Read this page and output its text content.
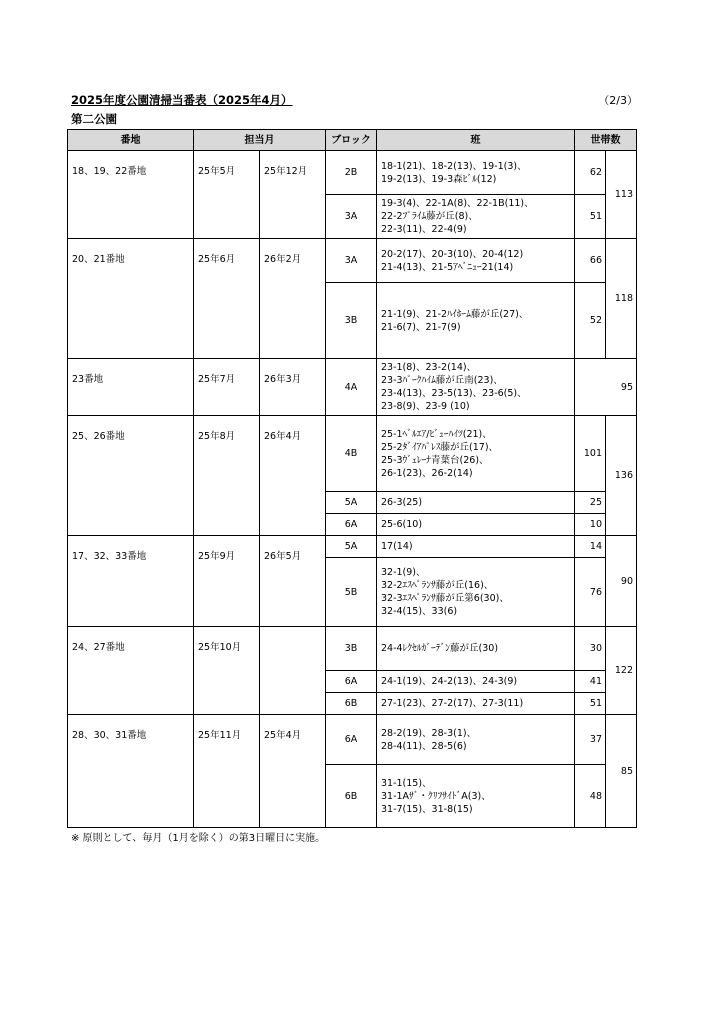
2025年度公園清掃当番表（2025年4月）	（2/3）
第二公園
番地	担当月		ブロック	班	世帯数	
18、19、22番地	25年5月	25年12月	2B	18-1(21)、18-2(13)、19-1(3)、
19-2(13)、19-3森ﾋﾞﾙ(12)	62	113
			3A	19-3(4)、22-1A(8)、22-1B(11)、
22-2ﾌﾟﾗｲﾑ藤が丘(8)、
22-3(11)、22-4(9)	51	
20、21番地	25年6月	26年2月	3A	20-2(17)、20-3(10)、20-4(12)
21-4(13)、21-5ｱﾍﾞﾆｭｰ21(14)	66	118
			3B	21-1(9)、21-2ﾊｲﾎｰﾑ藤が丘(27)、
21-6(7)、21-7(9)	52	
23番地	25年7月	26年3月	4A	23-1(8)、23-2(14)、
23-3ﾊﾟｰｸﾊｲﾑ藤が丘南(23)、
23-4(13)、23-5(13)、23-6(5)、
23-8(9)、23-9 (10)		95
25、26番地	25年8月	26年4月	4B	25-1ﾍﾞﾙｴｱ/ﾋﾞｭｰﾊｲﾂ(21)、
25-2ﾀﾞｲｱﾊﾟﾚｽ藤が丘(17)、
25-3ｳﾞｪﾚｰﾅ青葉台(26)、
26-1(23)、26-2(14)	101	136
			5A	26-3(25)	25	
			6A	25-6(10)	10	
17、32、33番地	25年9月	26年5月	5A	17(14)	14	90
			5B	32-1(9)、
32-2ｴｽﾍﾟﾗﾝｻ藤が丘(16)、
32-3ｴｽﾍﾟﾗﾝｻ藤が丘第6(30)、
32-4(15)、33(6)	76	
24、27番地	25年10月		3B	24-4ﾚｸｾﾙｶﾞｰﾃﾞﾝ藤が丘(30)	30	122
			6A	24-1(19)、24-2(13)、24-3(9)	41	
			6B	27-1(23)、27-2(17)、27-3(11)	51	
28、30、31番地	25年11月	25年4月	6A	28-2(19)、28-3(1)、
28-4(11)、28-5(6)	37	85
			6B	31-1(15)、
31-1Aｻﾞ・ｸﾘﾌｻｲﾄﾞA(3)、
31-7(15)、31-8(15)	48	
※ 原則として、毎月（1月を除く）の第3日曜日に実施。
